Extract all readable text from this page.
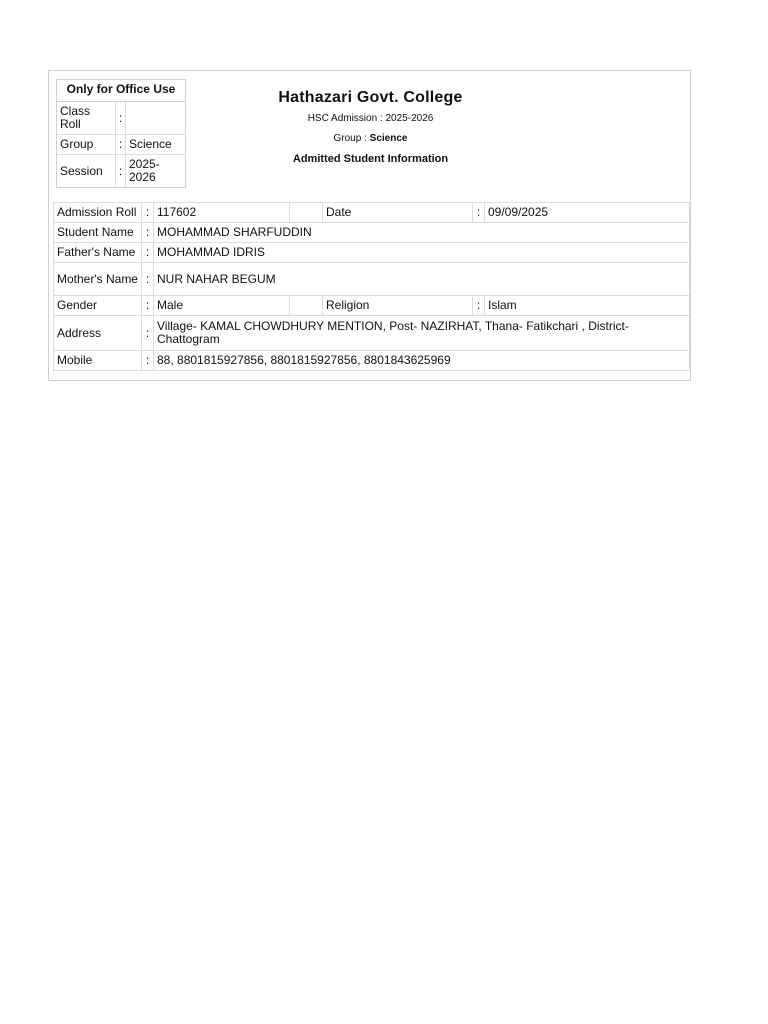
Only for Office Use
Class Roll	:	
Group	:	Science
Session	:	2025-2026
Hathazari Govt. College
HSC Admission : 2025-2026
Group : Science
Admitted Student Information
Admission Roll	:	117602		Date	:	09/09/2025
Student Name	:	MOHAMMAD SHARFUDDIN				
Father's Name	:	MOHAMMAD IDRIS				
Mother's Name	:	NUR NAHAR BEGUM				
Gender	:	Male		Religion	:	Islam
Address	:	Village- KAMAL CHOWDHURY MENTION, Post- NAZIRHAT, Thana- Fatikchari , District- Chattogram				
Mobile	:	88, 8801815927856, 8801815927856, 8801843625969				
